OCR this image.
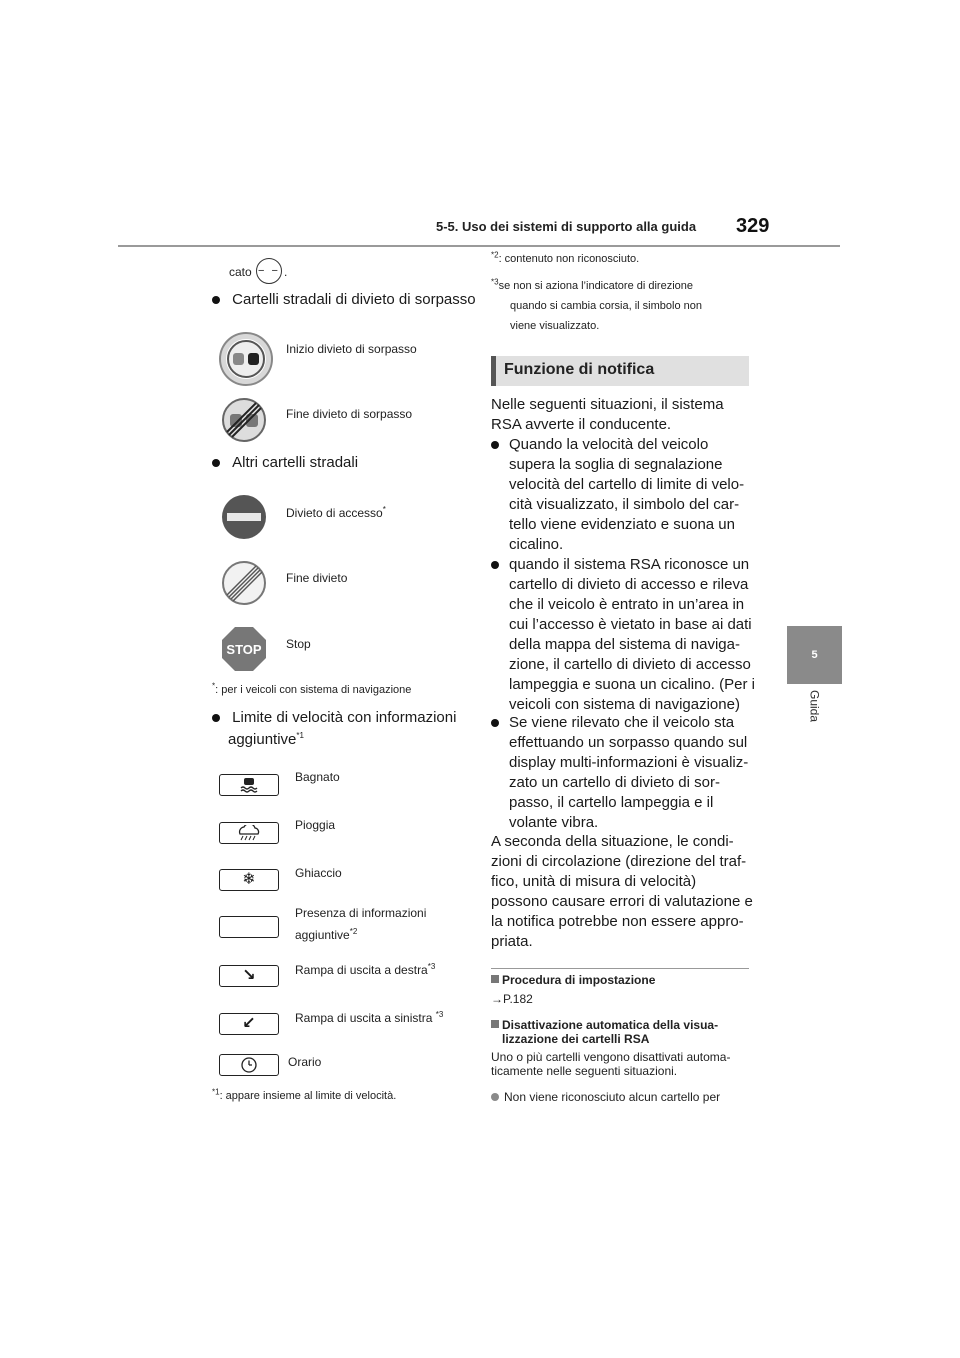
5-5. Uso dei sistemi di supporto alla guida 329
5
Guida
cato − − .
Cartelli stradali di divieto di sorpasso
Inizio divieto di sorpasso
Fine divieto di sorpasso
Altri cartelli stradali
Divieto di accesso*
Fine divieto
STOP Stop
*: per i veicoli con sistema di navigazione
Limite di velocità con informazioni
aggiuntive$^{*1}$
Bagnato
Pioggia
❄	Ghiaccio
Presenza di informazioni
aggiuntive$^{*2}$
↘	Rampa di uscita a destra$^{*3}$
↙	Rampa di uscita a sinistra $^{*3}$
Orario
$^{*1}$: appare insieme al limite di velocità.
$^{*2}$: contenuto non riconosciuto.
$^{*3}$se non si aziona l’indicatore di direzione
quando si cambia corsia, il simbolo non
viene visualizzato.
Funzione di notifica
Nelle seguenti situazioni, il sistema
RSA avverte il conducente.
Quando la velocità del veicolo
supera la soglia di segnalazione
velocità del cartello di limite di velo-
cità visualizzato, il simbolo del car-
tello viene evidenziato e suona un
cicalino.
quando il sistema RSA riconosce un
cartello di divieto di accesso e rileva
che il veicolo è entrato in un’area in
cui l’accesso è vietato in base ai dati
della mappa del sistema di naviga-
zione, il cartello di divieto di accesso
lampeggia e suona un cicalino. (Per i
veicoli con sistema di navigazione)
Se viene rilevato che il veicolo sta
effettuando un sorpasso quando sul
display multi-informazioni è visualiz-
zato un cartello di divieto di sor-
passo, il cartello lampeggia e il
volante vibra.
A seconda della situazione, le condi-
zioni di circolazione (direzione del traf-
fico, unità di misura di velocità)
possono causare errori di valutazione e
la notifica potrebbe non essere appro-
priata.
Procedura di impostazione
→P.182
Disattivazione automatica della visua-
lizzazione dei cartelli RSA
Uno o più cartelli vengono disattivati automa-
ticamente nelle seguenti situazioni.
Non viene riconosciuto alcun cartello per
